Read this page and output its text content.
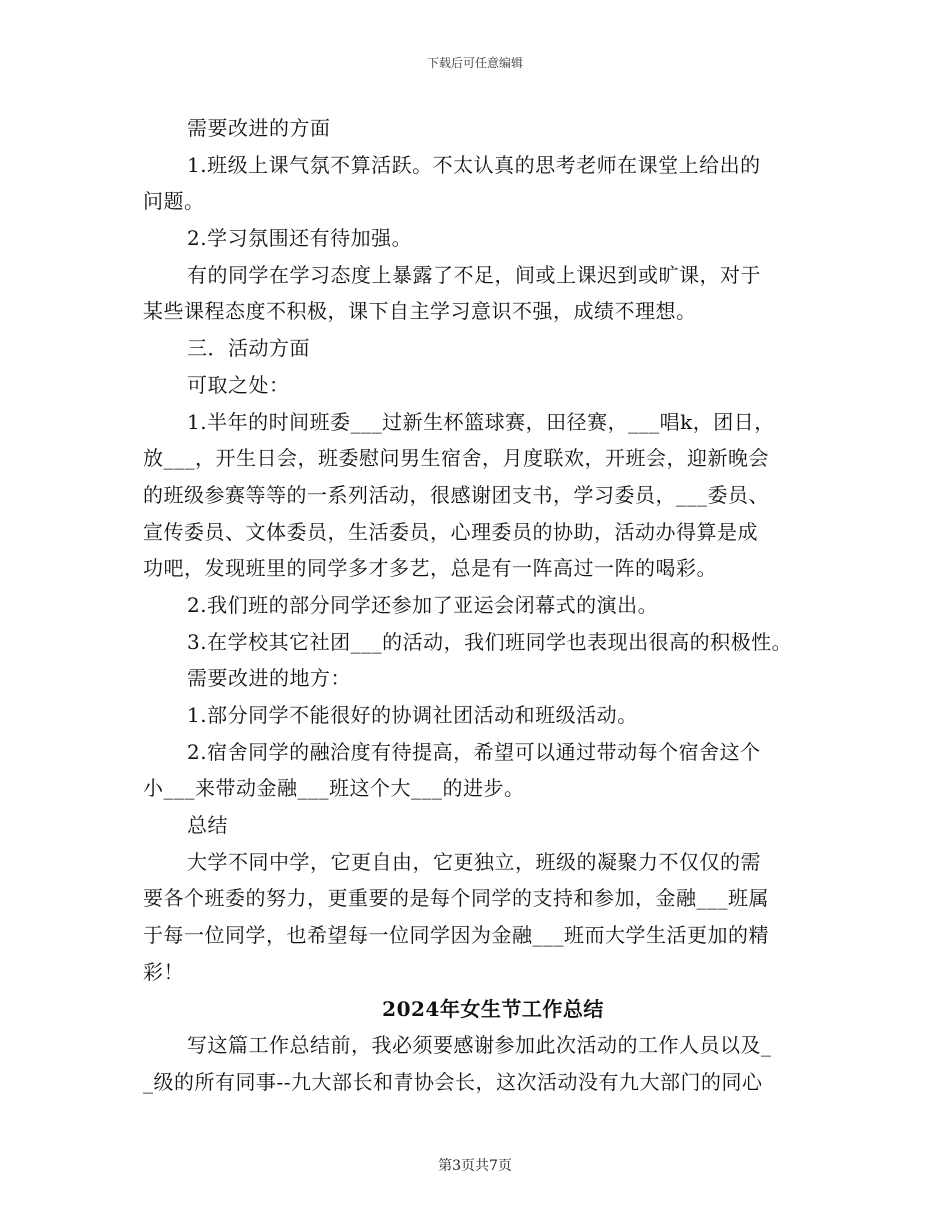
下载后可任意编辑
需要改进的方面
1.班级上课气氛不算活跃。不太认真的思考老师在课堂上给出的
问题。
2.学习氛围还有待加强。
有的同学在学习态度上暴露了不足，间或上课迟到或旷课，对于
某些课程态度不积极，课下自主学习意识不强，成绩不理想。
三．活动方面
可取之处：
1.半年的时间班委___过新生杯篮球赛，田径赛，___唱k，团日，
放___，开生日会，班委慰问男生宿舍，月度联欢，开班会，迎新晚会
的班级参赛等等的一系列活动，很感谢团支书，学习委员，___委员、
宣传委员、文体委员，生活委员，心理委员的协助，活动办得算是成
功吧，发现班里的同学多才多艺，总是有一阵高过一阵的喝彩。
2.我们班的部分同学还参加了亚运会闭幕式的演出。
3.在学校其它社团___的活动，我们班同学也表现出很高的积极性。
需要改进的地方：
1.部分同学不能很好的协调社团活动和班级活动。
2.宿舍同学的融洽度有待提高，希望可以通过带动每个宿舍这个
小___来带动金融___班这个大___的进步。
总结
大学不同中学，它更自由，它更独立，班级的凝聚力不仅仅的需
要各个班委的努力，更重要的是每个同学的支持和参加，金融___班属
于每一位同学，也希望每一位同学因为金融___班而大学生活更加的精
彩！
2024年女生节工作总结
写这篇工作总结前，我必须要感谢参加此次活动的工作人员以及_
_级的所有同事--九大部长和青协会长，这次活动没有九大部门的同心
第3页共7页
